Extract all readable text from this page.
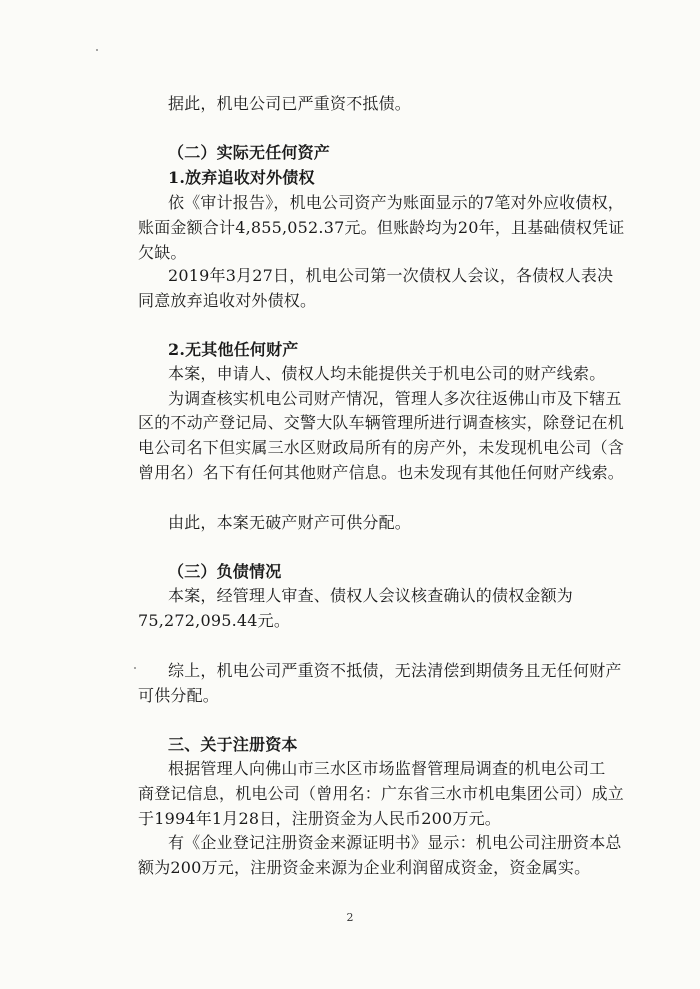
据此，机电公司已严重资不抵债。

（二）实际无任何资产

1.放弃追收对外债权

依《审计报告》，机电公司资产为账面显示的7笔对外应收债权，

账面金额合计4,855,052.37元。但账龄均为20年，且基础债权凭证

欠缺。

2019年3月27日，机电公司第一次债权人会议，各债权人表决

同意放弃追收对外债权。

2.无其他任何财产

本案，申请人、债权人均未能提供关于机电公司的财产线索。

为调查核实机电公司财产情况，管理人多次往返佛山市及下辖五

区的不动产登记局、交警大队车辆管理所进行调查核实，除登记在机

电公司名下但实属三水区财政局所有的房产外，未发现机电公司（含

曾用名）名下有任何其他财产信息。也未发现有其他任何财产线索。

由此，本案无破产财产可供分配。

（三）负债情况

本案，经管理人审查、债权人会议核查确认的债权金额为

75,272,095.44元。

综上，机电公司严重资不抵债，无法清偿到期债务且无任何财产

可供分配。

三、关于注册资本

根据管理人向佛山市三水区市场监督管理局调查的机电公司工

商登记信息，机电公司（曾用名：广东省三水市机电集团公司）成立

于1994年1月28日，注册资金为人民币200万元。

有《企业登记注册资金来源证明书》显示：机电公司注册资本总

额为200万元，注册资金来源为企业利润留成资金，资金属实。

2
